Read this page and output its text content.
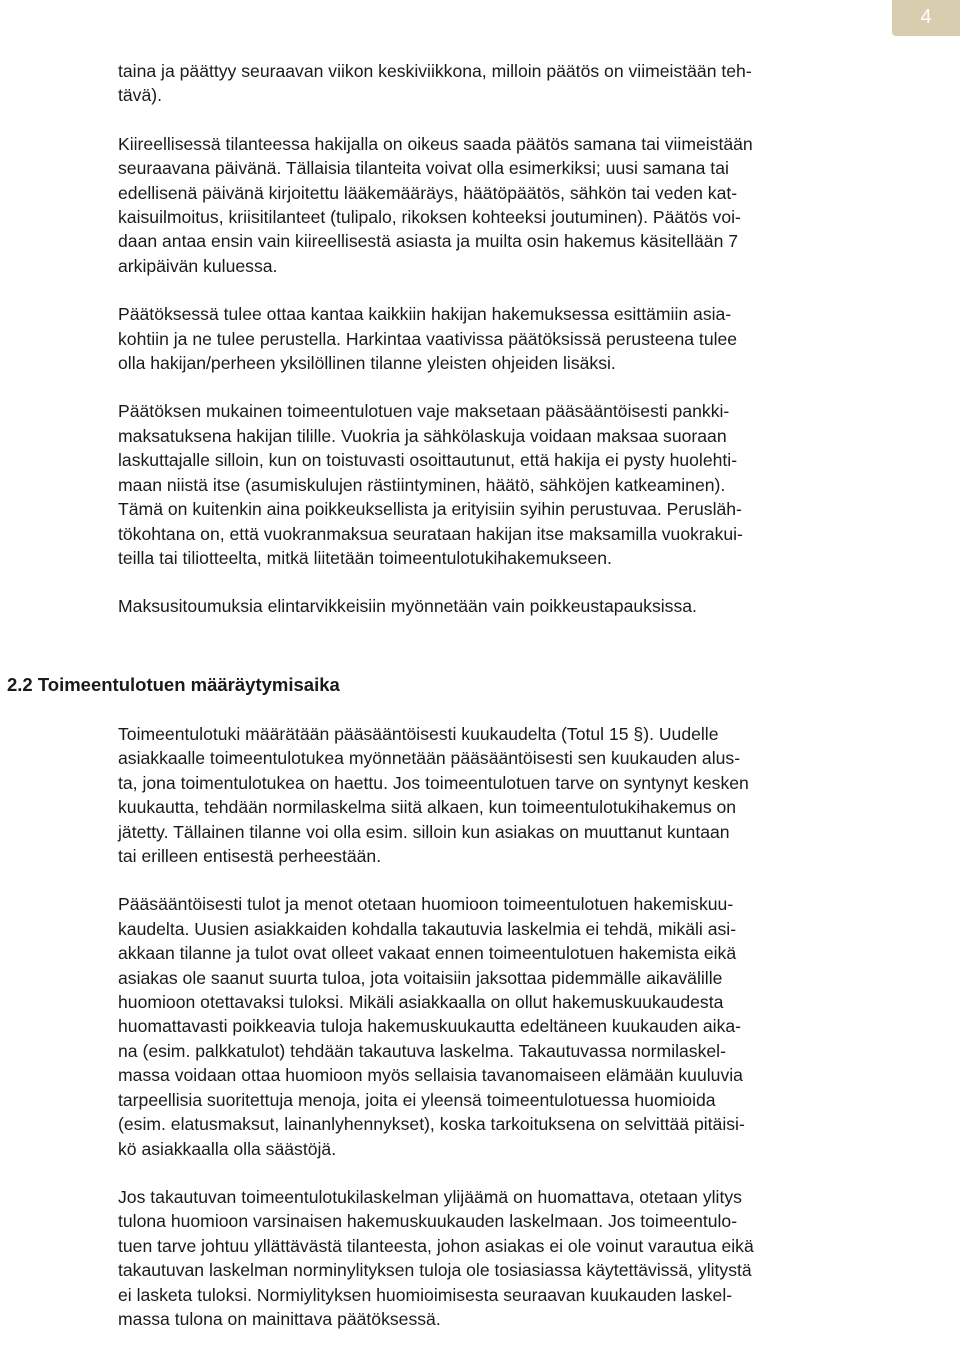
4

taina ja päättyy seuraavan viikon keskiviikkona, milloin päätös on viimeistään teh-
tävä).

Kiireellisessä tilanteessa hakijalla on oikeus saada päätös samana tai viimeistään
seuraavana päivänä. Tällaisia tilanteita voivat olla esimerkiksi; uusi samana tai
edellisenä päivänä kirjoitettu lääkemääräys, häätöpäätös, sähkön tai veden kat-
kaisuilmoitus, kriisitilanteet (tulipalo, rikoksen kohteeksi joutuminen). Päätös voi-
daan antaa ensin vain kiireellisestä asiasta ja muilta osin hakemus käsitellään 7
arkipäivän kuluessa.

Päätöksessä tulee ottaa kantaa kaikkiin hakijan hakemuksessa esittämiin asia-
kohtiin ja ne tulee perustella. Harkintaa vaativissa päätöksissä perusteena tulee
olla hakijan/perheen yksilöllinen tilanne yleisten ohjeiden lisäksi.

Päätöksen mukainen toimeentulotuen vaje maksetaan pääsääntöisesti pankki-
maksatuksena hakijan tilille. Vuokria ja sähkölaskuja voidaan maksaa suoraan
laskuttajalle silloin, kun on toistuvasti osoittautunut, että hakija ei pysty huolehti-
maan niistä itse (asumiskulujen rästiintyminen, häätö, sähköjen katkeaminen).
Tämä on kuitenkin aina poikkeuksellista ja erityisiin syihin perustuvaa. Perusläh-
tökohtana on, että vuokranmaksua seurataan hakijan itse maksamilla vuokrakui-
teilla tai tiliotteelta, mitkä liitetään toimeentulotukihakemukseen.

Maksusitoumuksia elintarvikkeisiin myönnetään vain poikkeustapauksissa.

2.2 Toimeentulotuen määräytymisaika

Toimeentulotuki määrätään pääsääntöisesti kuukaudelta (Totul 15 §). Uudelle
asiakkaalle toimeentulotukea myönnetään pääsääntöisesti sen kuukauden alus-
ta, jona toimentulotukea on haettu. Jos toimeentulotuen tarve on syntynyt kesken
kuukautta, tehdään normilaskelma siitä alkaen, kun toimeentulotukihakemus on
jätetty. Tällainen tilanne voi olla esim. silloin kun asiakas on muuttanut kuntaan
tai erilleen entisestä perheestään.

Pääsääntöisesti tulot ja menot otetaan huomioon toimeentulotuen hakemiskuu-
kaudelta. Uusien asiakkaiden kohdalla takautuvia laskelmia ei tehdä, mikäli asi-
akkaan tilanne ja tulot ovat olleet vakaat ennen toimeentulotuen hakemista eikä
asiakas ole saanut suurta tuloa, jota voitaisiin jaksottaa pidemmälle aikavälille
huomioon otettavaksi tuloksi. Mikäli asiakkaalla on ollut hakemuskuukaudesta
huomattavasti poikkeavia tuloja hakemuskuukautta edeltäneen kuukauden aika-
na (esim. palkkatulot) tehdään takautuva laskelma. Takautuvassa normilaskel-
massa voidaan ottaa huomioon myös sellaisia tavanomaiseen elämään kuuluvia
tarpeellisia suoritettuja menoja, joita ei yleensä toimeentulotuessa huomioida
(esim. elatusmaksut, lainanlyhennykset), koska tarkoituksena on selvittää pitäisi-
kö asiakkaalla olla säästöjä.

Jos takautuvan toimeentulotukilaskelman ylijäämä on huomattava, otetaan ylitys
tulona huomioon varsinaisen hakemuskuukauden laskelmaan. Jos toimeentulo-
tuen tarve johtuu yllättävästä tilanteesta, johon asiakas ei ole voinut varautua eikä
takautuvan laskelman norminylityksen tuloja ole tosiasiassa käytettävissä, ylitystä
ei lasketa tuloksi. Normiylityksen huomioimisesta seuraavan kuukauden laskel-
massa tulona on mainittava päätöksessä.
